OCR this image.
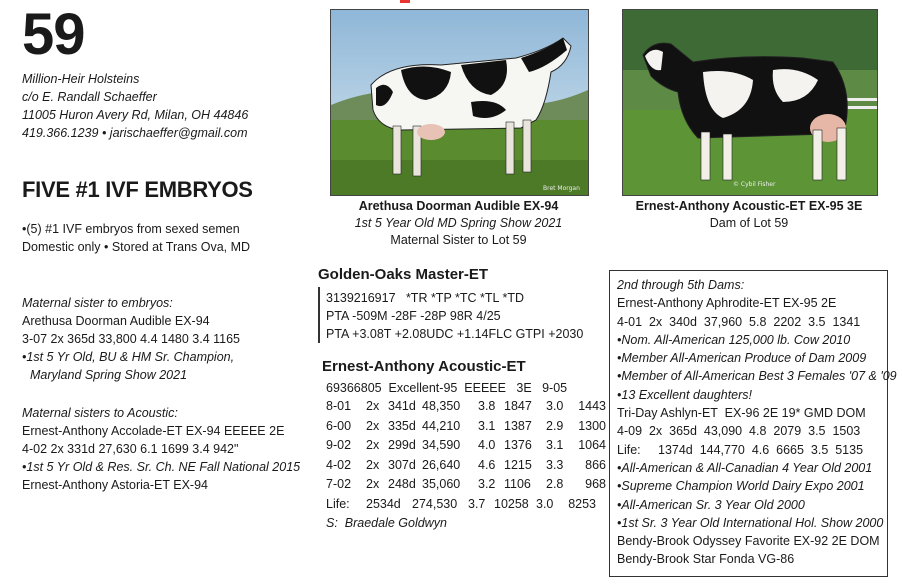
59
Million-Heir Holsteins
c/o E. Randall Schaeffer
11005 Huron Avery Rd, Milan, OH 44846
419.366.1239 • jarischaeffer@gmail.com
FIVE #1 IVF EMBRYOS
•(5) #1 IVF embryos from sexed semen
Domestic only • Stored at Trans Ova, MD
Maternal sister to embryos:
Arethusa Doorman Audible EX-94
3-07 2x 365d 33,800 4.4 1480 3.4 1165
•1st 5 Yr Old, BU & HM Sr. Champion,
Maryland Spring Show 2021
Maternal sisters to Acoustic:
Ernest-Anthony Accolade-ET EX-94 EEEEE 2E
4-02 2x 331d 27,630 6.1 1699 3.4 942"
•1st 5 Yr Old & Res. Sr. Ch. NE Fall National 2015
Ernest-Anthony Astoria-ET EX-94
Bret Morgan
Arethusa Doorman Audible EX-94
1st 5 Year Old MD Spring Show 2021
Maternal Sister to Lot 59
© Cybil Fisher
Ernest-Anthony Acoustic-ET EX-95 3E
Dam of Lot 59
Golden-Oaks Master-ET
3139216917   *TR *TP *TC *TL *TD
PTA -509M -28F -28P 98R 4/25
PTA +3.08T +2.08UDC +1.14FLC GTPI +2030
Ernest-Anthony Acoustic-ET
69366805  Excellent-95  EEEEE   3E   9-05
8-01	2x 341d 48,350	3.8 1847	3.0	1443
6-00	2x 335d 44,210	3.1 1387	2.9	1300
9-02	2x 299d 34,590	4.0 1376	3.1	1064
4-02	2x 307d 26,640	4.6 1215	3.3	866
7-02	2x 248d 35,060	3.2 1106	2.8	968
Life:	2534d 274,530 3.7 10258 3.0	8253
S:  Braedale Goldwyn
2nd through 5th Dams:
Ernest-Anthony Aphrodite-ET EX-95 2E
4-01  2x  340d  37,960  5.8  2202  3.5  1341
•Nom. All-American 125,000 lb. Cow 2010
•Member All-American Produce of Dam 2009
•Member of All-American Best 3 Females '07 & '09
•13 Excellent daughters!
Tri-Day Ashlyn-ET  EX-96 2E 19* GMD DOM
4-09  2x  365d  43,090  4.8  2079  3.5  1503
Life:     1374d  144,770  4.6  6665  3.5  5135
•All-American & All-Canadian 4 Year Old 2001
•Supreme Champion World Dairy Expo 2001
•All-American Sr. 3 Year Old 2000
•1st Sr. 3 Year Old International Hol. Show 2000
Bendy-Brook Odyssey Favorite EX-92 2E DOM
Bendy-Brook Star Fonda VG-86
